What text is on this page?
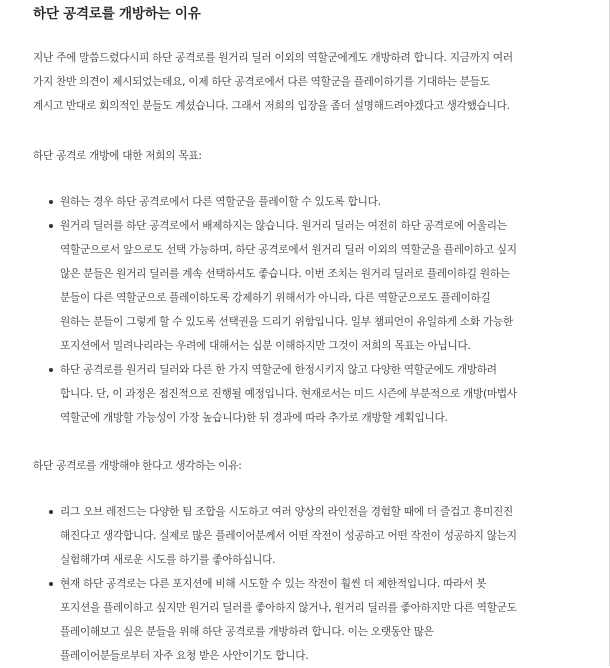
하단 공격로를 개방하는 이유
지난 주에 말씀드렸다시피 하단 공격로를 원거리 딜러 이외의 역할군에게도 개방하려 합니다. 지금까지 여러
가지 찬반 의견이 제시되었는데요, 이제 하단 공격로에서 다른 역할군을 플레이하기를 기대하는 분들도
계시고 반대로 회의적인 분들도 계셨습니다. 그래서 저희의 입장을 좀더 설명해드려야겠다고 생각했습니다.
하단 공격로 개방에 대한 저희의 목표:
원하는 경우 하단 공격로에서 다른 역할군을 플레이할 수 있도록 합니다.
원거리 딜러를 하단 공격로에서 배제하지는 않습니다. 원거리 딜러는 여전히 하단 공격로에 어울리는
역할군으로서 앞으로도 선택 가능하며, 하단 공격로에서 원거리 딜러 이외의 역할군을 플레이하고 싶지
않은 분들은 원거리 딜러를 계속 선택하셔도 좋습니다. 이번 조치는 원거리 딜러로 플레이하길 원하는
분들이 다른 역할군으로 플레이하도록 강제하기 위해서가 아니라, 다른 역할군으로도 플레이하길
원하는 분들이 그렇게 할 수 있도록 선택권을 드리기 위함입니다. 일부 챔피언이 유일하게 소화 가능한
포지션에서 밀려나리라는 우려에 대해서는 십분 이해하지만 그것이 저희의 목표는 아닙니다.
하단 공격로를 원거리 딜러와 다른 한 가지 역할군에 한정시키지 않고 다양한 역할군에도 개방하려
합니다. 단, 이 과정은 점진적으로 진행될 예정입니다. 현재로서는 미드 시즌에 부분적으로 개방(마법사
역할군에 개방할 가능성이 가장 높습니다)한 뒤 경과에 따라 추가로 개방할 계획입니다.
하단 공격로를 개방해야 한다고 생각하는 이유:
리그 오브 레전드는 다양한 팀 조합을 시도하고 여러 양상의 라인전을 경험할 때에 더 즐겁고 흥미진진
해진다고 생각합니다. 실제로 많은 플레이어분께서 어떤 작전이 성공하고 어떤 작전이 성공하지 않는지
실험해가며 새로운 시도를 하기를 좋아하십니다.
현재 하단 공격로는 다른 포지션에 비해 시도할 수 있는 작전이 훨씬 더 제한적입니다. 따라서 봇
포지션을 플레이하고 싶지만 원거리 딜러를 좋아하지 않거나, 원거리 딜러를 좋아하지만 다른 역할군도
플레이해보고 싶은 분들을 위해 하단 공격로를 개방하려 합니다. 이는 오랫동안 많은
플레이어분들로부터 자주 요청 받은 사안이기도 합니다.
